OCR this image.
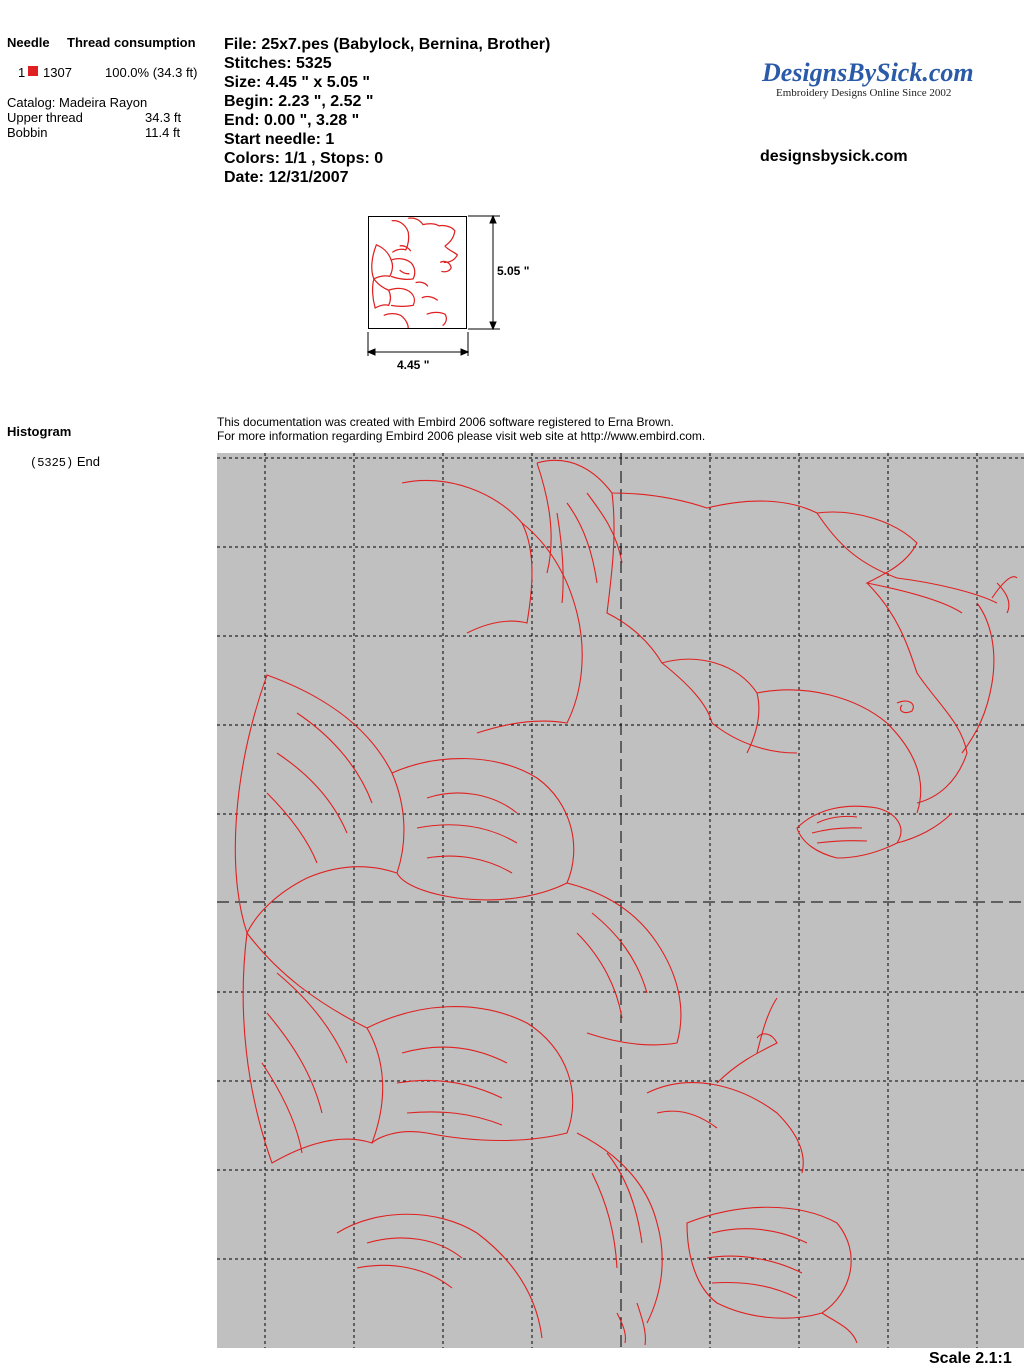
Needle Thread consumption
1 1307	100.0% (34.3 ft)
Catalog: Madeira Rayon
Upper thread	34.3 ft
Bobbin	11.4 ft
File: 25x7.pes (Babylock, Bernina, Brother)
Stitches: 5325
Size: 4.45 " x 5.05 "
Begin: 2.23 ", 2.52 "
End: 0.00 ", 3.28 "
Start needle: 1
Colors: 1/1 , Stops: 0
Date: 12/31/2007
DesignsBySick.com
Embroidery Designs Online Since 2002
designsbysick.com
5.05 "
4.45 "
Histogram
(5325) End
This documentation was created with Embird 2006 software registered to Erna Brown.
For more information regarding Embird 2006 please visit web site at http://www.embird.com.
Scale 2.1:1
